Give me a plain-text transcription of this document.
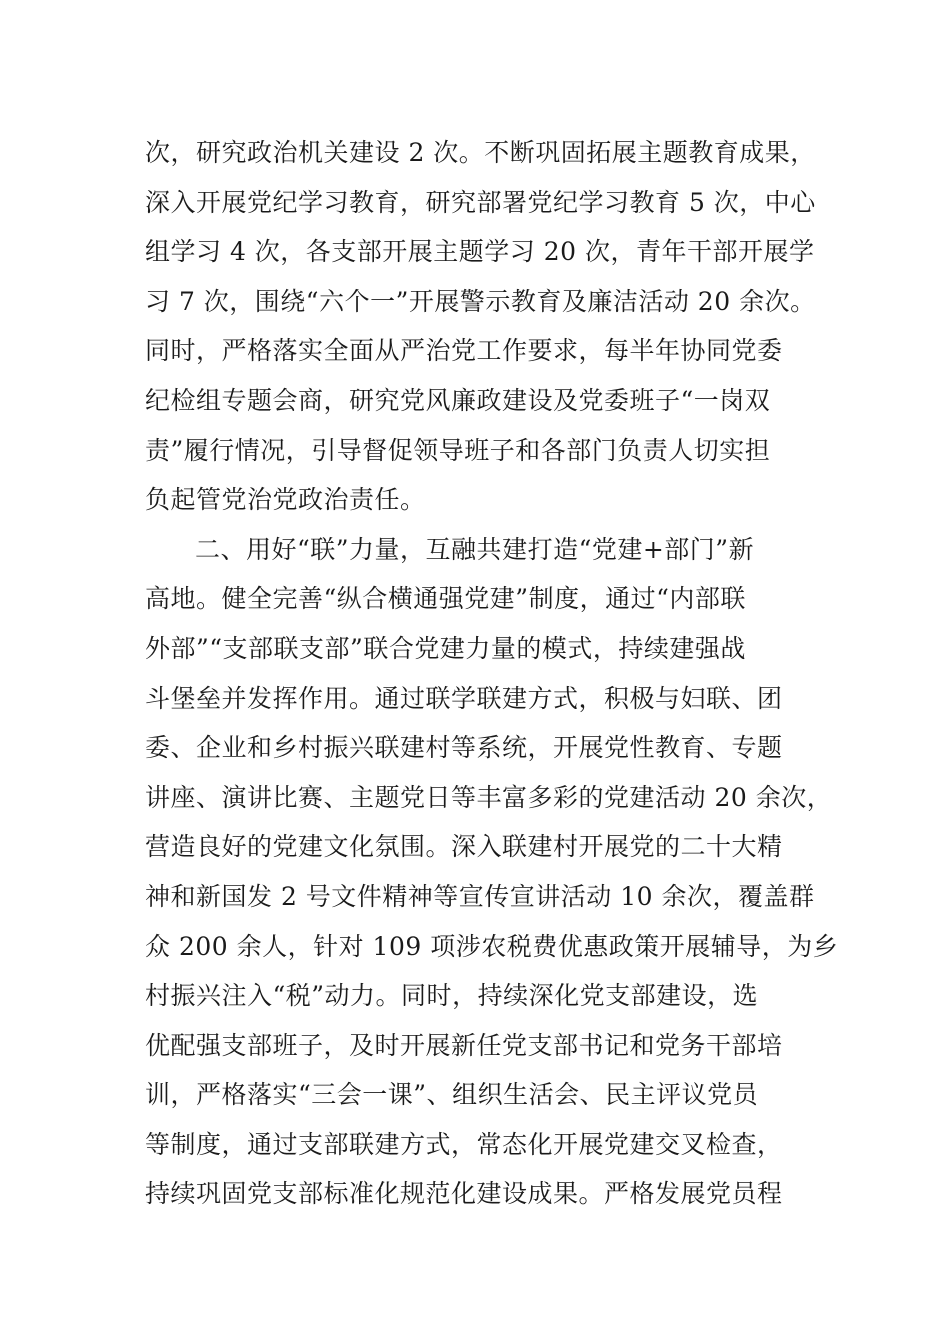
次，研究政治机关建设 2 次。不断巩固拓展主题教育成果，
深入开展党纪学习教育，研究部署党纪学习教育 5 次，中心
组学习 4 次，各支部开展主题学习 20 次，青年干部开展学
习 7 次，围绕“六个一”开展警示教育及廉洁活动 20 余次。
同时，严格落实全面从严治党工作要求，每半年协同党委
纪检组专题会商，研究党风廉政建设及党委班子“一岗双
责”履行情况，引导督促领导班子和各部门负责人切实担
负起管党治党政治责任。
二、用好“联”力量，互融共建打造“党建+部门”新
高地。健全完善“纵合横通强党建”制度，通过“内部联
外部”“支部联支部”联合党建力量的模式，持续建强战
斗堡垒并发挥作用。通过联学联建方式，积极与妇联、团
委、企业和乡村振兴联建村等系统，开展党性教育、专题
讲座、演讲比赛、主题党日等丰富多彩的党建活动 20 余次，
营造良好的党建文化氛围。深入联建村开展党的二十大精
神和新国发 2 号文件精神等宣传宣讲活动 10 余次，覆盖群
众 200 余人，针对 109 项涉农税费优惠政策开展辅导，为乡
村振兴注入“税”动力。同时，持续深化党支部建设，选
优配强支部班子，及时开展新任党支部书记和党务干部培
训，严格落实“三会一课”、组织生活会、民主评议党员
等制度，通过支部联建方式，常态化开展党建交叉检查，
持续巩固党支部标准化规范化建设成果。严格发展党员程
